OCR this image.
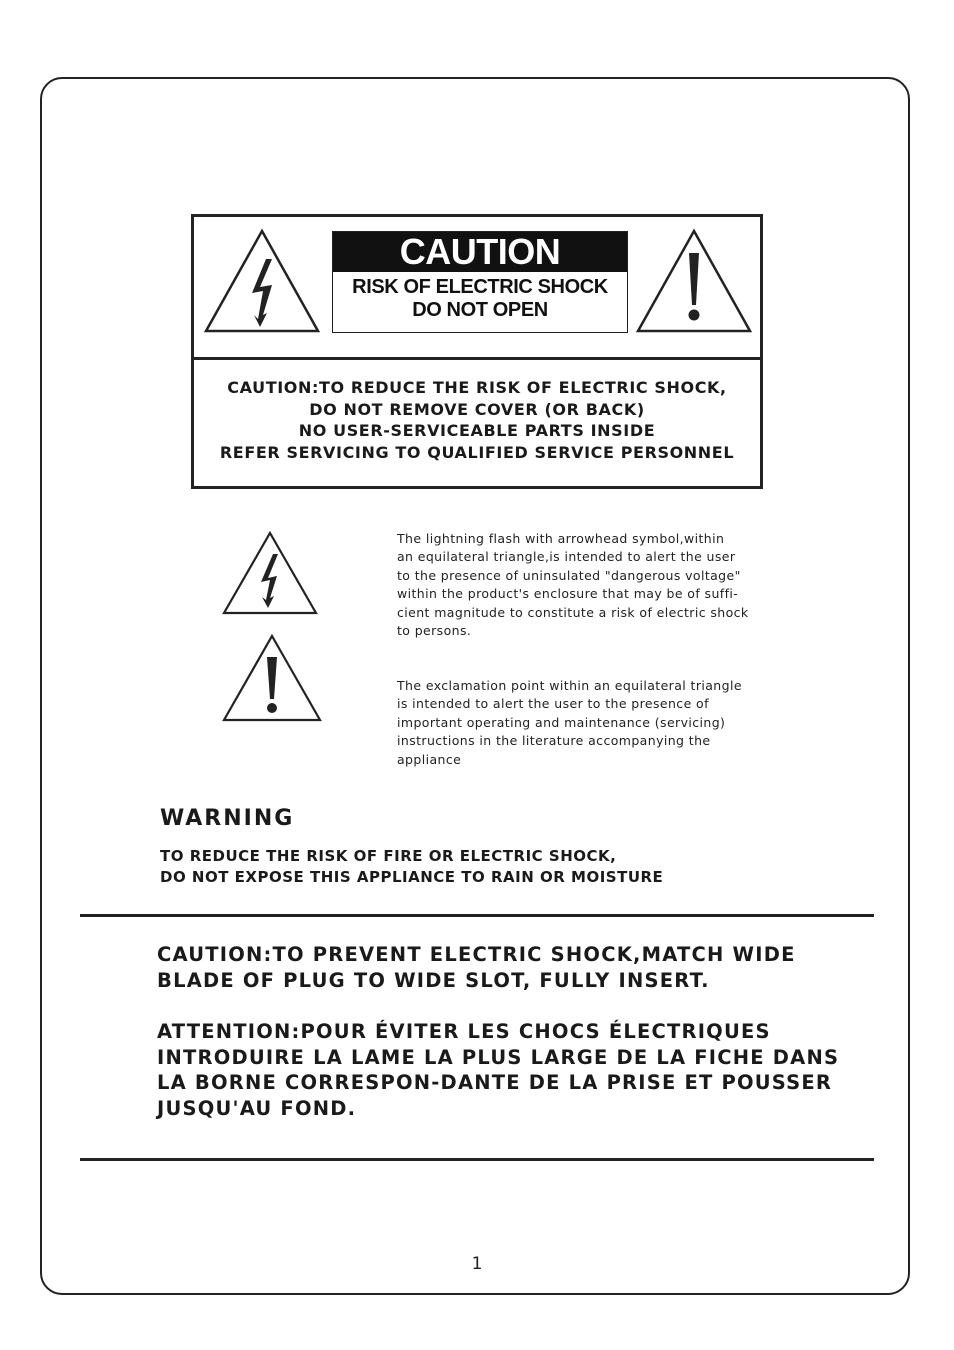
CAUTION
RISK OF ELECTRIC SHOCK
DO NOT OPEN
CAUTION:TO REDUCE THE RISK OF ELECTRIC SHOCK,
DO NOT REMOVE COVER (OR BACK)
NO USER-SERVICEABLE PARTS INSIDE
REFER SERVICING TO QUALIFIED SERVICE PERSONNEL
The lightning flash with arrowhead symbol,within
an equilateral triangle,is intended to alert the user
to the presence of uninsulated "dangerous voltage"
within the product's enclosure that may be of suffi-
cient magnitude to constitute a risk of electric shock
to persons.
The exclamation point within an equilateral triangle
is intended to alert the user to the presence of
important operating and maintenance (servicing)
instructions in the literature accompanying the
appliance
WARNING
TO REDUCE THE RISK OF FIRE OR ELECTRIC SHOCK,
DO NOT EXPOSE THIS APPLIANCE TO RAIN OR MOISTURE
CAUTION:TO PREVENT ELECTRIC SHOCK,MATCH WIDE
BLADE OF PLUG TO WIDE SLOT, FULLY INSERT.
ATTENTION:POUR ÉVITER LES CHOCS ÉLECTRIQUES
INTRODUIRE LA LAME LA PLUS LARGE DE LA FICHE DANS
LA BORNE CORRESPON-DANTE DE LA PRISE ET POUSSER
JUSQU'AU FOND.
1
